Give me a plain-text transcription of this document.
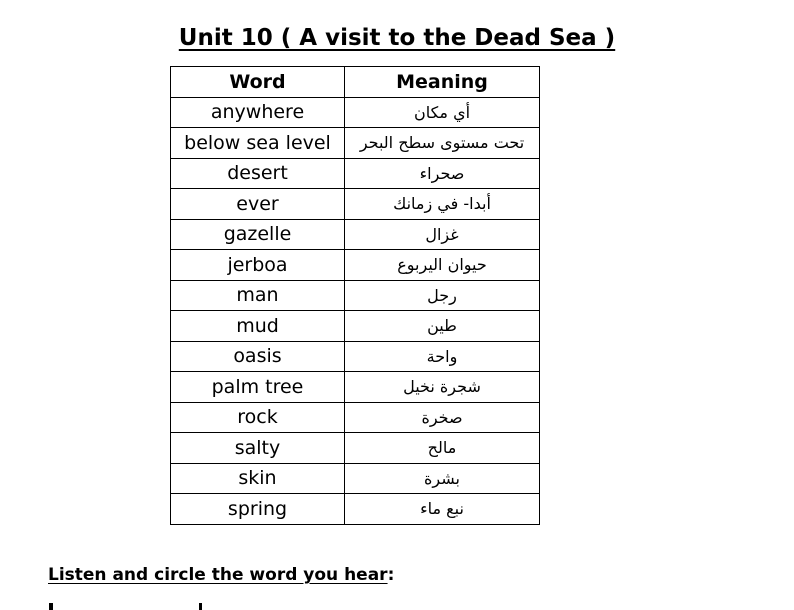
Unit 10 ( A visit to the Dead Sea )
Word	Meaning
anywhere	أي مكان
below sea level	تحت مستوى سطح البحر
desert	صحراء
ever	أبدا- في زمانك
gazelle	غزال
jerboa	حيوان اليربوع
man	رجل
mud	طين
oasis	واحة
palm tree	شجرة نخيل
rock	صخرة
salty	مالح
skin	بشرة
spring	نبع ماء
Listen and circle the word you hear:
